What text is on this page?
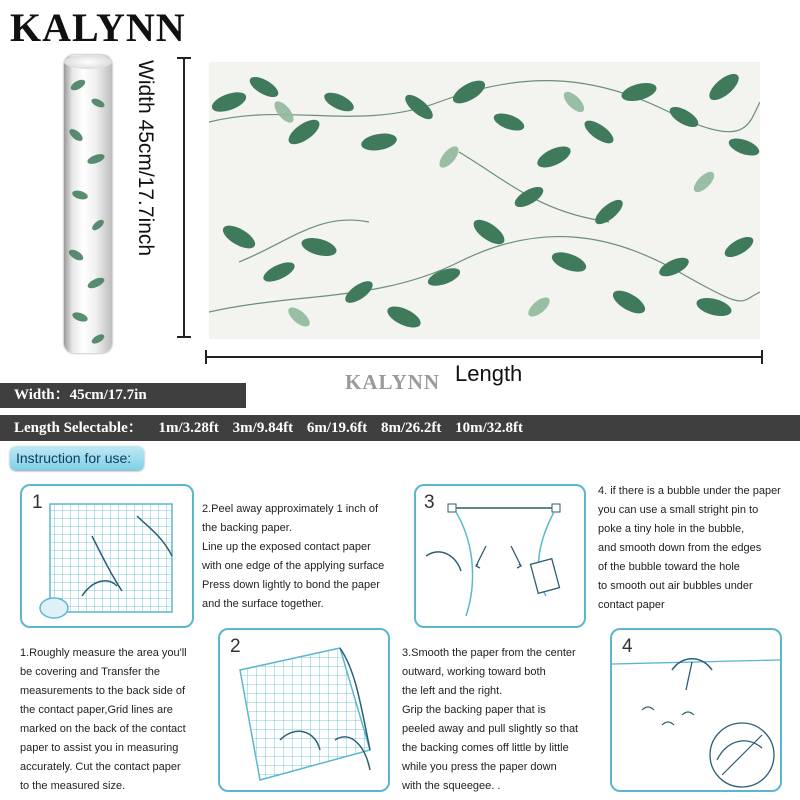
KALYNN
Width 45cm/17.7inch
Length
KALYNN
Width：45cm/17.7in
Length Selectable： 1m/3.28ft 3m/9.84ft 6m/19.6ft 8m/26.2ft 10m/32.8ft
Instruction for use:
1	2.Peel away approximately 1 inch of
the backing paper.
Line up the exposed contact paper
with one edge of the applying surface
Press down lightly to bond the paper
and the surface together.
3
4. if there is a bubble under the paper
you can use a small stright pin to
poke a tiny hole in the bubble,
and smooth down from the edges
of the bubble toward the hole
to smooth out air bubbles under
contact paper
1.Roughly measure the area you'll
be covering and Transfer the
measurements to the back side of
the contact paper,Grid lines are
marked on the back of the contact
paper to assist you in measuring
accurately. Cut the contact paper
to the measured size.
2	3.Smooth the paper from the center
outward, working toward both
the left and the right.
Grip the backing paper that is
peeled away and pull slightly so that
the backing comes off little by little
while you press the paper down
with the squeegee. .
4
